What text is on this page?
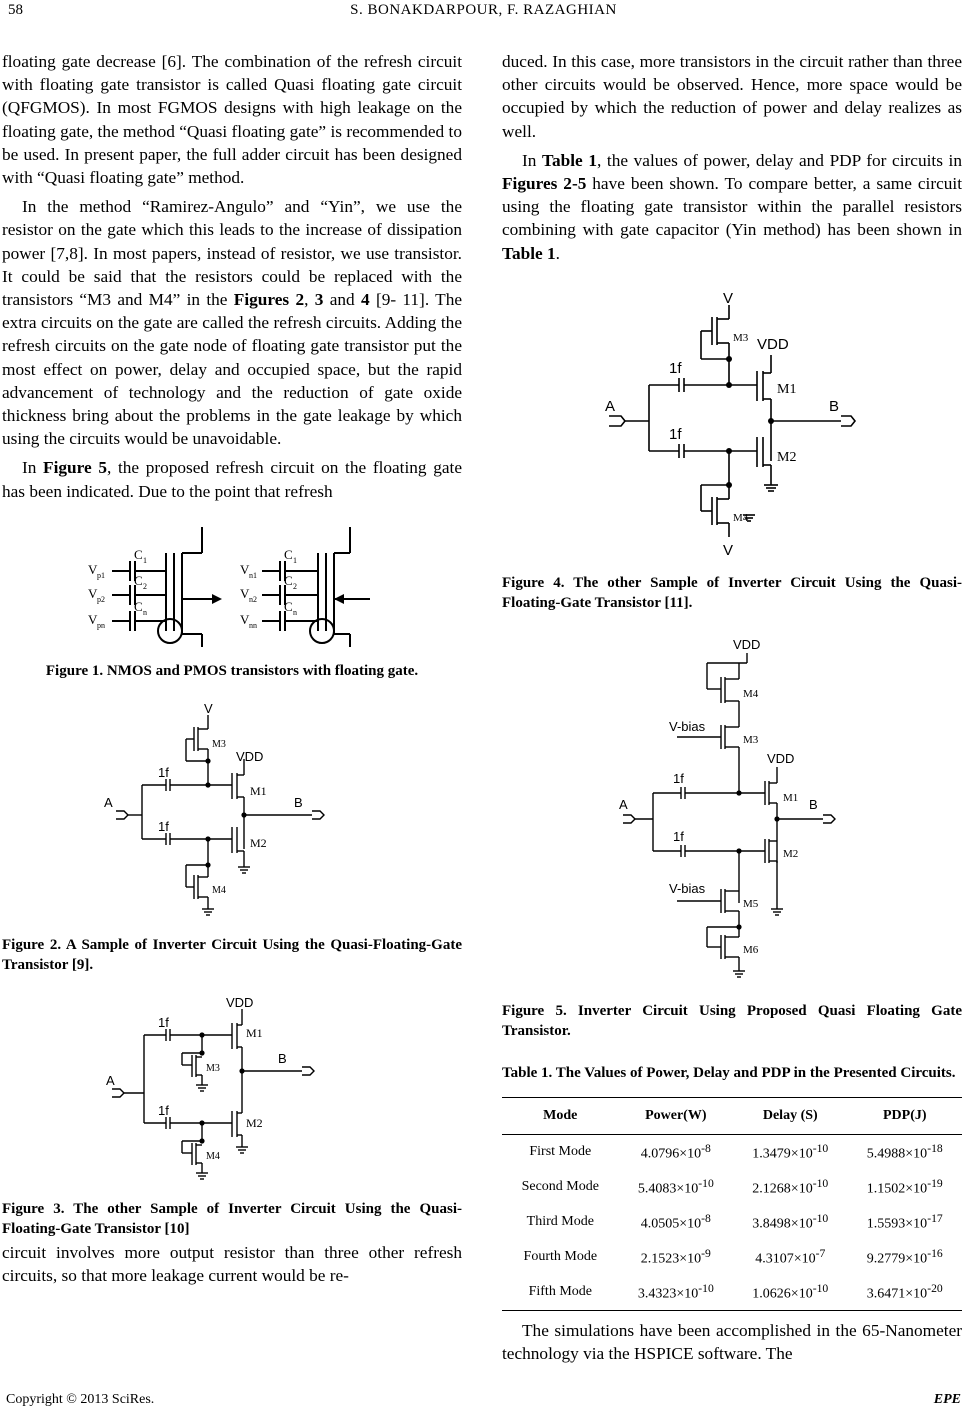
58	S. BONAKDARPOUR, F. RAZAGHIAN

floating gate decrease [6]. The combination of the refresh circuit with floating gate transistor is called Quasi floating gate circuit (QFGMOS). In most FGMOS designs with high leakage on the floating gate, the method “Quasi floating gate” is recommended to be used. In present paper, the full adder circuit has been designed with “Quasi floating gate” method.

In the method “Ramirez-Angulo” and “Yin”, we use the resistor on the gate which this leads to the increase of dissipation power [7,8]. In most papers, instead of resistor, we use transistor. It could be said that the resistors could be replaced with the transistors “M3 and M4” in the Figures 2, 3 and 4 [9- 11]. The extra circuits on the gate are called the refresh circuits. Adding the refresh circuits on the gate node of floating gate transistor put the most effect on power, delay and occupied space, but the rapid advancement of technology and the reduction of gate oxide thickness bring about the problems in the gate leakage by which using the circuits would be unavoidable.

In Figure 5, the proposed refresh circuit on the floating gate has been indicated. Due to the point that refresh

V p1
V p2
V pn
C 1
C 2
C n
V n1
V n2
V nn
C 1
C 2
C n

Figure 1. NMOS and PMOS transistors with floating gate.

V
M3
VDD
M1
1f
1f
A	B
M2
M4

Figure 2. A Sample of Inverter Circuit Using the Quasi-Floating-Gate Transistor [9].

VDD
M1
1f
M3
B
A
1f
M2
M4

Figure 3. The other Sample of Inverter Circuit Using the Quasi-Floating-Gate Transistor [10]

circuit involves more output resistor than three other refresh circuits, so that more leakage current would be re-

duced. In this case, more transistors in the circuit rather than three other circuits would be observed. Hence, more space would be occupied by which the reduction of power and delay realizes as well.

In Table 1, the values of power, delay and PDP for circuits in Figures 2-5 have been shown. To compare better, a same circuit using the floating gate transistor within the parallel resistors combining with gate capacitor (Yin method) has been shown in Table 1.

V
M3 VDD
M1
1f
A	B
1f
M2
M4
V

Figure 4. The other Sample of Inverter Circuit Using the Quasi-Floating-Gate Transistor [11].

VDD
M4
V-bias
M3
VDD
M1
1f
A	B
1f
M2
V-bias
M5
M6

Figure 5. Inverter Circuit Using Proposed Quasi Floating Gate Transistor.

Table 1. The Values of Power, Delay and PDP in the Presented Circuits.

Mode	Power(W)	Delay (S)	PDP(J)
First Mode	$4.0796\times 10^{-8}$	$1.3479\times 10^{-10}$	$5.4988\times 10^{-18}$
Second Mode	$5.4083\times 10^{-10}$	$2.1268\times 10^{-10}$	$1.1502\times 10^{-19}$
Third Mode	$4.0505\times 10^{-8}$	$3.8498\times 10^{-10}$	$1.5593\times 10^{-17}$
Fourth Mode	$2.1523\times 10^{-9}$	$4.3107\times 10^{-7}$	$9.2779\times 10^{-16}$
Fifth Mode	$3.4323\times 10^{-10}$	$1.0626\times 10^{-10}$	$3.6471\times 10^{-20}$

The simulations have been accomplished in the 65-Nanometer technology via the HSPICE software. The

Copyright © 2013 SciRes.	EPE
